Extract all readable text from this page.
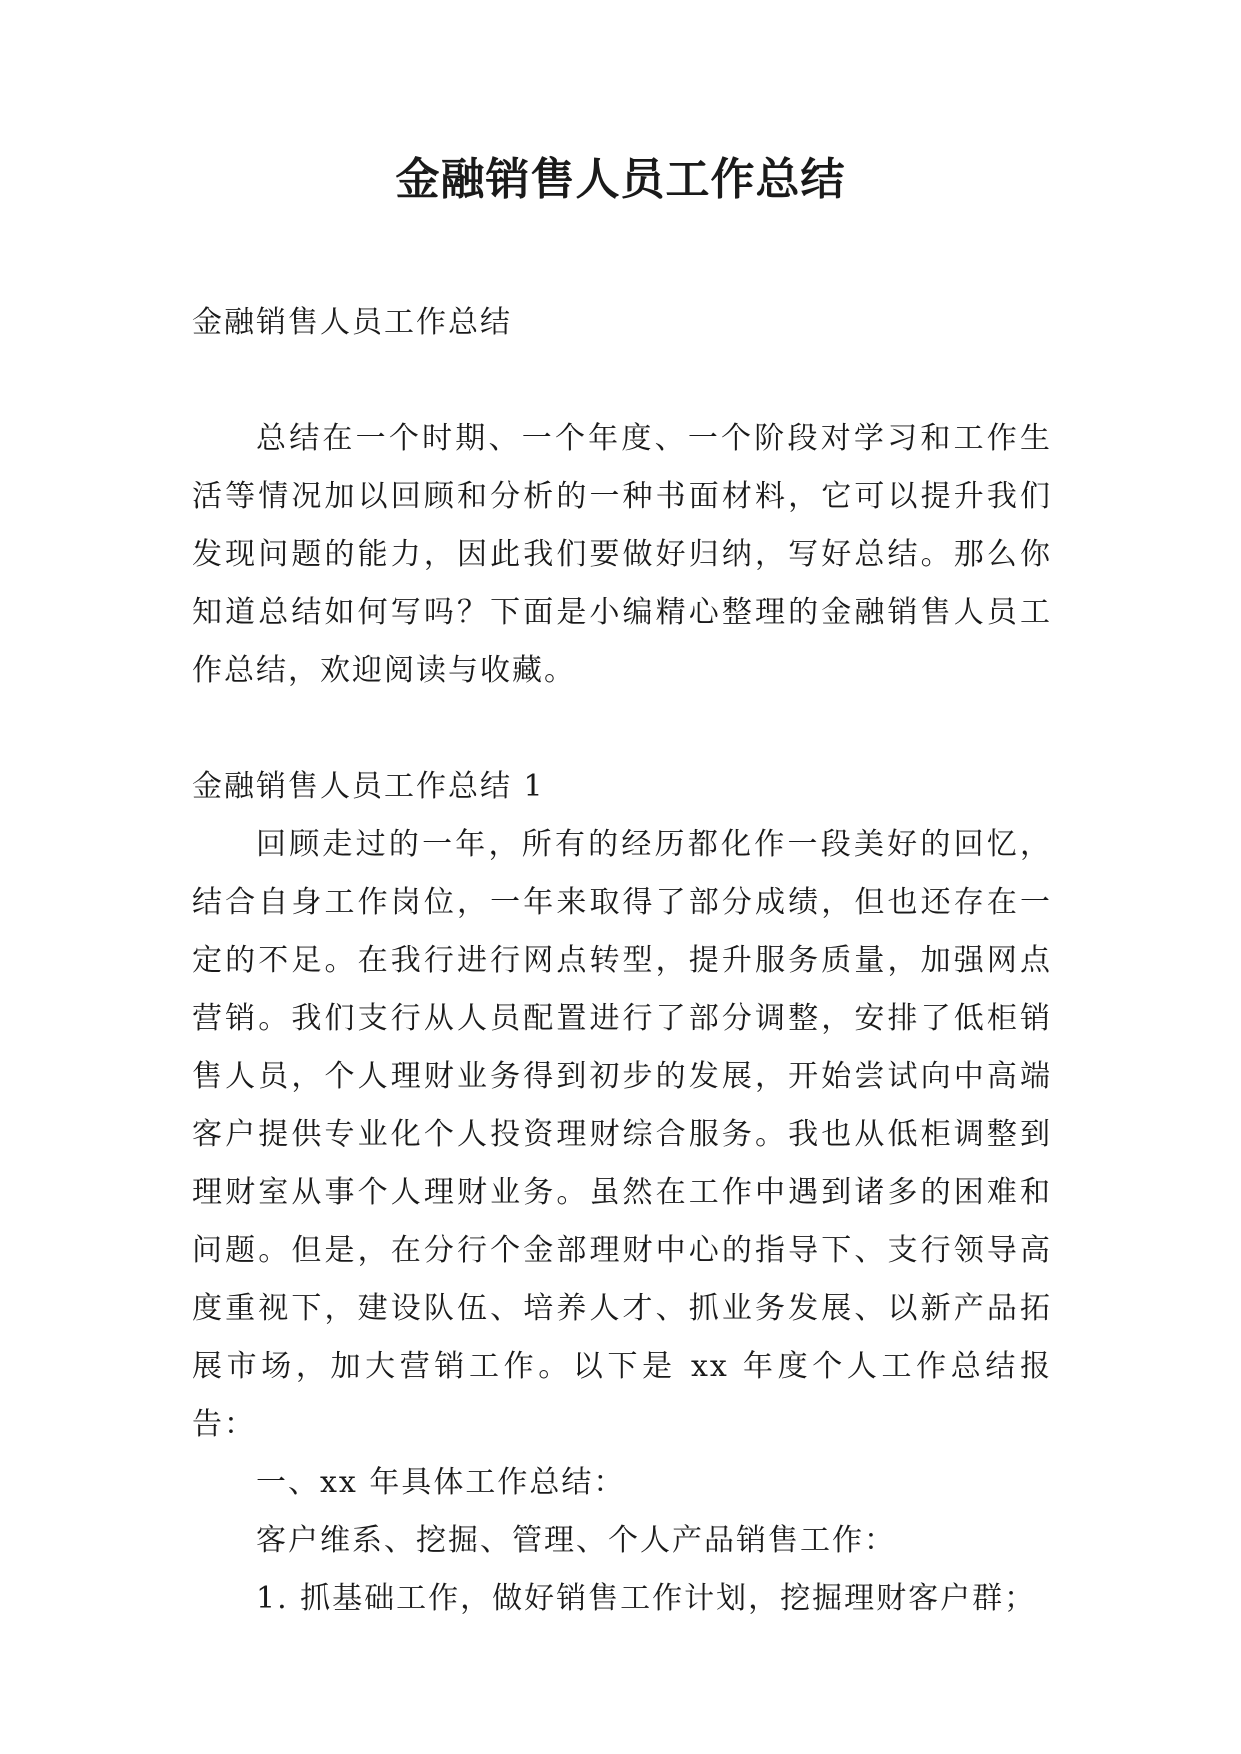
金融销售人员工作总结

金融销售人员工作总结

总结在一个时期、一个年度、一个阶段对学习和工作生活等情况加以回顾和分析的一种书面材料，它可以提升我们发现问题的能力，因此我们要做好归纳，写好总结。那么你知道总结如何写吗？下面是小编精心整理的金融销售人员工作总结，欢迎阅读与收藏。

金融销售人员工作总结 1

回顾走过的一年，所有的经历都化作一段美好的回忆，结合自身工作岗位，一年来取得了部分成绩，但也还存在一定的不足。在我行进行网点转型，提升服务质量，加强网点营销。我们支行从人员配置进行了部分调整，安排了低柜销售人员，个人理财业务得到初步的发展，开始尝试向中高端客户提供专业化个人投资理财综合服务。我也从低柜调整到理财室从事个人理财业务。虽然在工作中遇到诸多的困难和问题。但是，在分行个金部理财中心的指导下、支行领导高度重视下，建设队伍、培养人才、抓业务发展、以新产品拓展市场，加大营销工作。以下是 xx 年度个人工作总结报告：

一、xx 年具体工作总结：

客户维系、挖掘、管理、个人产品销售工作：

1. 抓基础工作，做好销售工作计划，挖掘理财客户群；
